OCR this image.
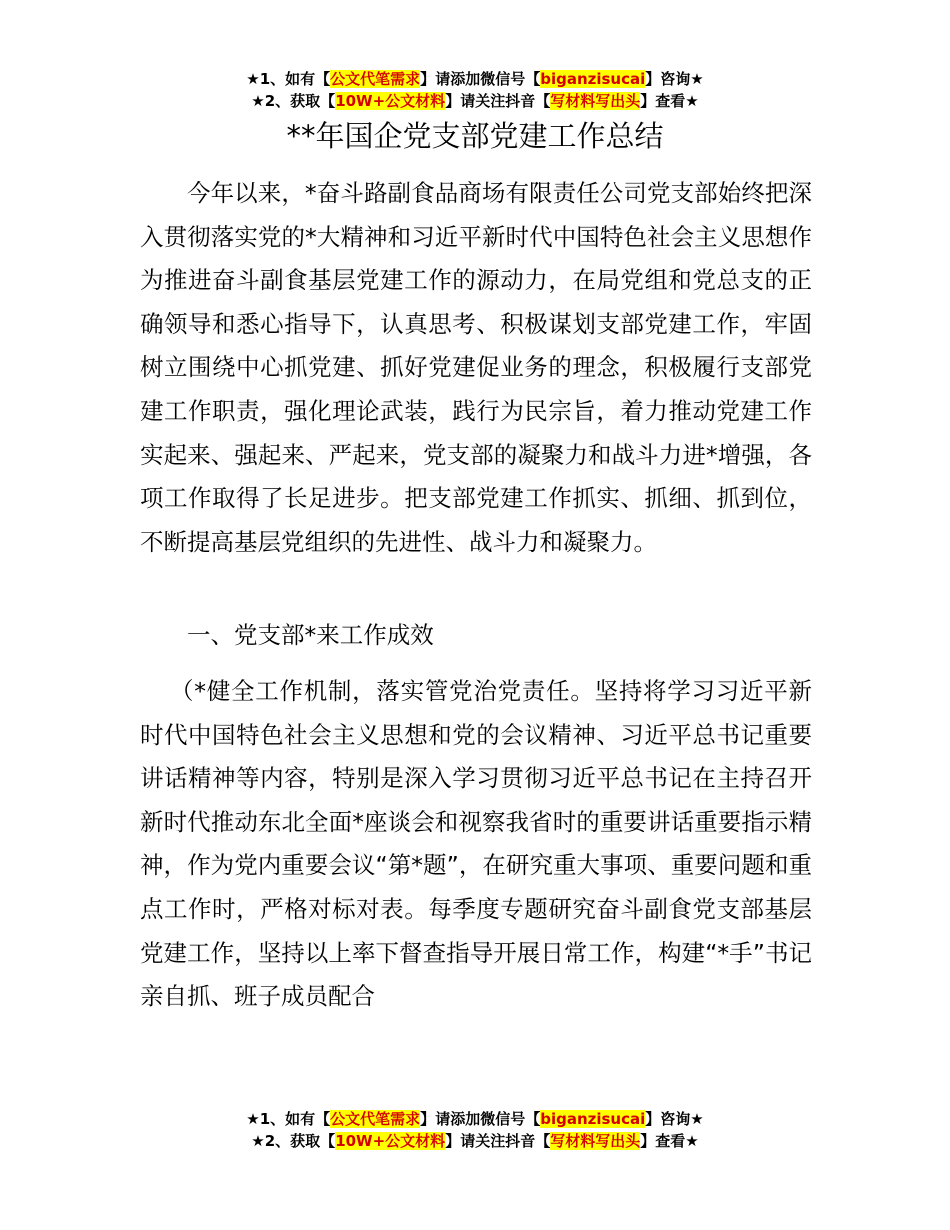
★1、如有【公文代笔需求】请添加微信号【biganzisucai】咨询★
★2、获取【10W+公文材料】请关注抖音【写材料写出头】查看★
**年国企党支部党建工作总结

今年以来，*奋斗路副食品商场有限责任公司党支部始终把深入贯彻落实党的*大精神和习近平新时代中国特色社会主义思想作为推进奋斗副食基层党建工作的源动力，在局党组和党总支的正确领导和悉心指导下，认真思考、积极谋划支部党建工作，牢固树立围绕中心抓党建、抓好党建促业务的理念，积极履行支部党建工作职责，强化理论武装，践行为民宗旨，着力推动党建工作实起来、强起来、严起来，党支部的凝聚力和战斗力进*增强，各项工作取得了长足进步。把支部党建工作抓实、抓细、抓到位，不断提高基层党组织的先进性、战斗力和凝聚力。

一、党支部*来工作成效

（*健全工作机制，落实管党治党责任。坚持将学习习近平新时代中国特色社会主义思想和党的会议精神、习近平总书记重要讲话精神等内容，特别是深入学习贯彻习近平总书记在主持召开新时代推动东北全面*座谈会和视察我省时的重要讲话重要指示精神，作为党内重要会议“第*题”，在研究重大事项、重要问题和重点工作时，严格对标对表。每季度专题研究奋斗副食党支部基层党建工作，坚持以上率下督查指导开展日常工作，构建“*手”书记亲自抓、班子成员配合

★1、如有【公文代笔需求】请添加微信号【biganzisucai】咨询★
★2、获取【10W+公文材料】请关注抖音【写材料写出头】查看★
